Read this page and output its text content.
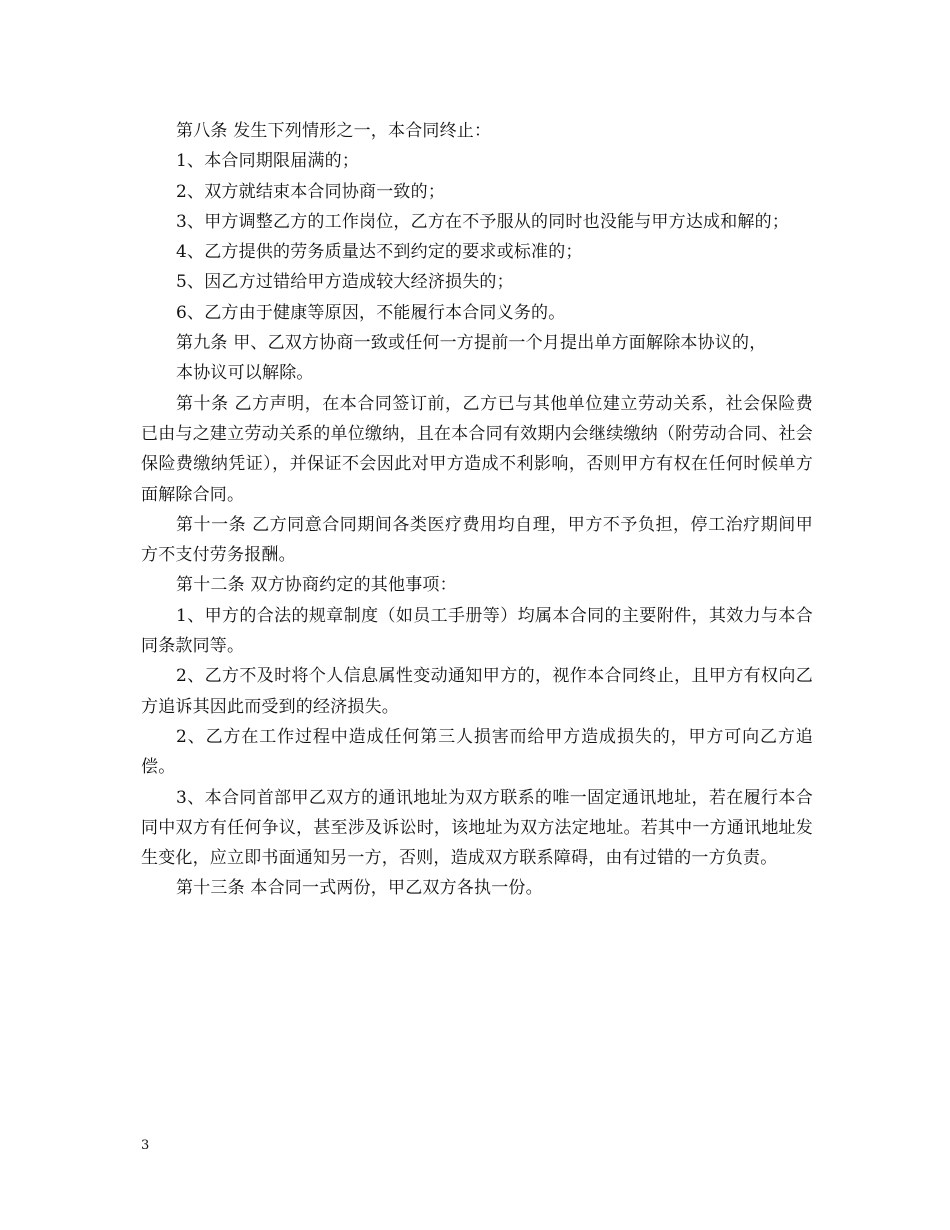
第八条 发生下列情形之一，本合同终止：

1、本合同期限届满的；

2、双方就结束本合同协商一致的；

3、甲方调整乙方的工作岗位，乙方在不予服从的同时也没能与甲方达成和解的；

4、乙方提供的劳务质量达不到约定的要求或标准的；

5、因乙方过错给甲方造成较大经济损失的；

6、乙方由于健康等原因，不能履行本合同义务的。

第九条 甲、乙双方协商一致或任何一方提前一个月提出单方面解除本协议的，

本协议可以解除。

第十条 乙方声明，在本合同签订前，乙方已与其他单位建立劳动关系，社会保险费已由与之建立劳动关系的单位缴纳，且在本合同有效期内会继续缴纳（附劳动合同、社会保险费缴纳凭证），并保证不会因此对甲方造成不利影响，否则甲方有权在任何时候单方面解除合同。

第十一条 乙方同意合同期间各类医疗费用均自理，甲方不予负担，停工治疗期间甲方不支付劳务报酬。

第十二条 双方协商约定的其他事项：

1、甲方的合法的规章制度（如员工手册等）均属本合同的主要附件，其效力与本合同条款同等。

2、乙方不及时将个人信息属性变动通知甲方的，视作本合同终止，且甲方有权向乙方追诉其因此而受到的经济损失。

2、乙方在工作过程中造成任何第三人损害而给甲方造成损失的，甲方可向乙方追偿。

3、本合同首部甲乙双方的通讯地址为双方联系的唯一固定通讯地址，若在履行本合同中双方有任何争议，甚至涉及诉讼时，该地址为双方法定地址。若其中一方通讯地址发生变化，应立即书面通知另一方，否则，造成双方联系障碍，由有过错的一方负责。

第十三条 本合同一式两份，甲乙双方各执一份。

3
